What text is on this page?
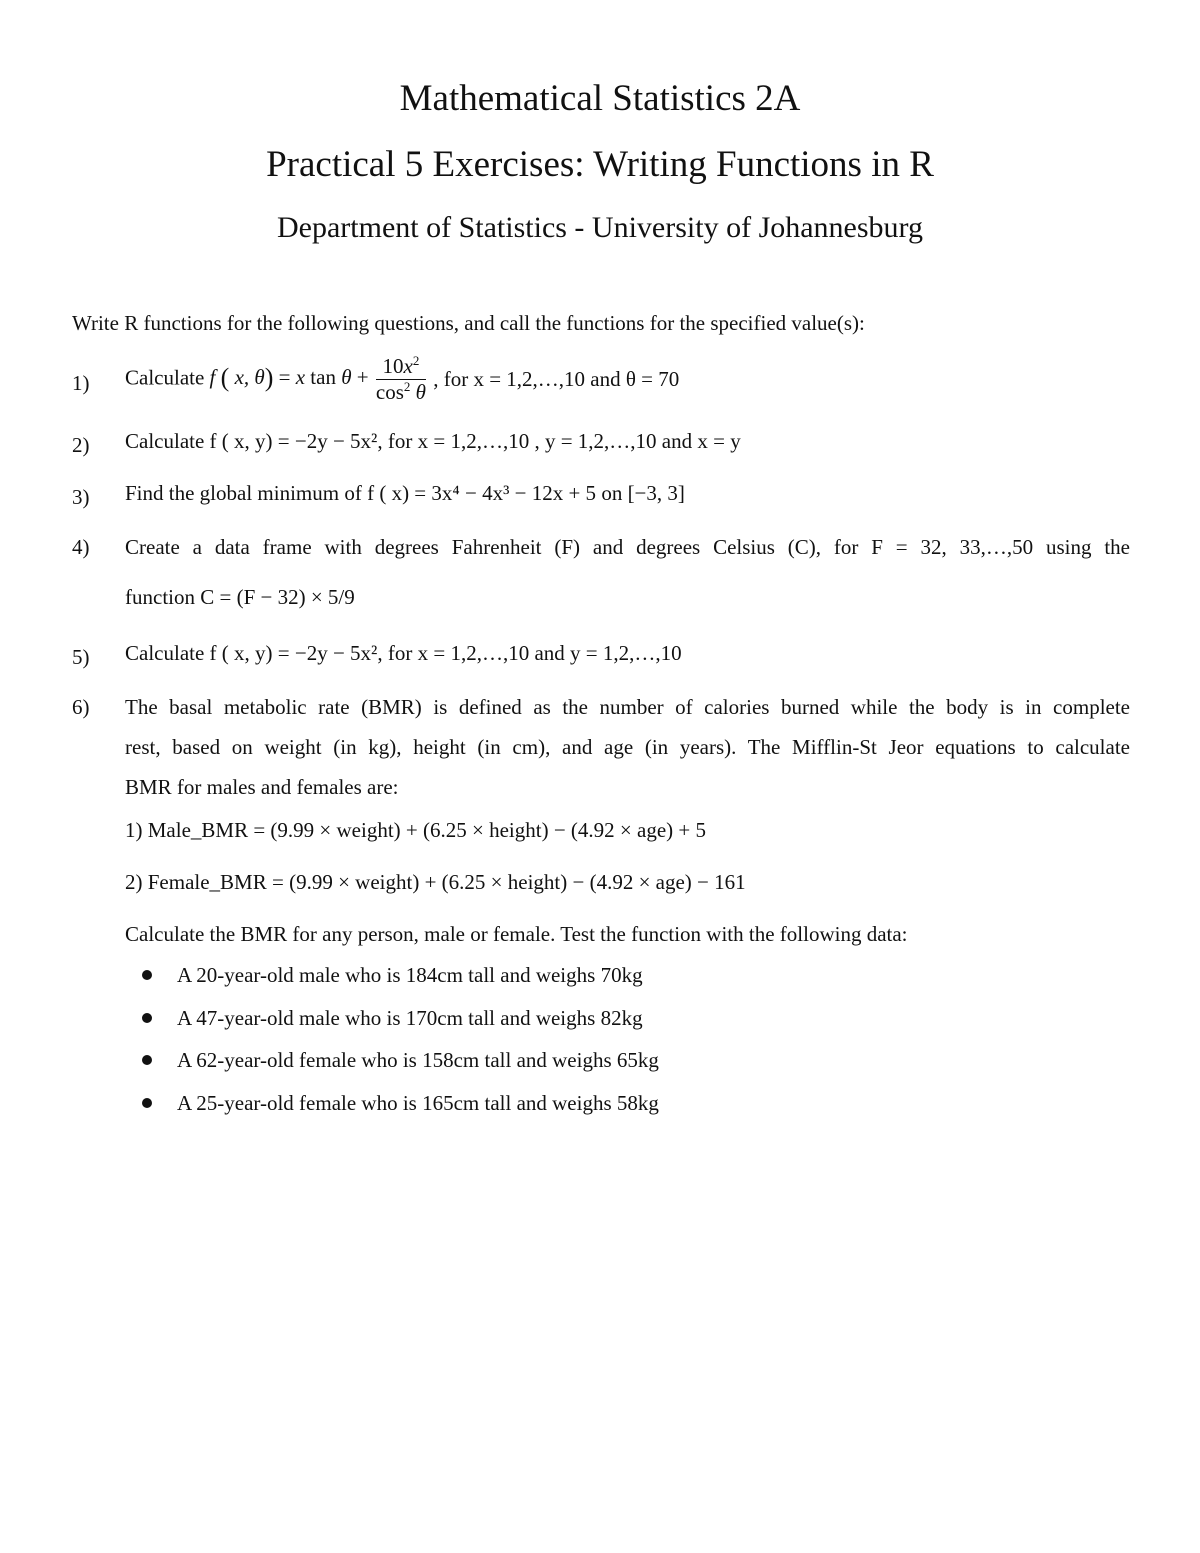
Mathematical Statistics 2A
Practical 5 Exercises: Writing Functions in R
Department of Statistics - University of Johannesburg
Write R functions for the following questions, and call the functions for the specified value(s):
1) Calculate f ( x, θ) = x $\tan \theta + \frac{10x^2}{\cos^2 \theta}$ , for x = 1,2,…,10 and θ = 70
2) Calculate f ( x, y) = −2y − 5x², for x = 1,2,…,10 , y = 1,2,…,10 and x = y
3) Find the global minimum of f ( x) = 3x⁴ − 4x³ − 12x + 5 on [−3, 3]
4) Create a data frame with degrees Fahrenheit (F) and degrees Celsius (C), for F = 32, 33,…,50 using the
function C = (F − 32) × 5/9
5) Calculate f ( x, y) = −2y − 5x², for x = 1,2,…,10 and y = 1,2,…,10
6) The basal metabolic rate (BMR) is defined as the number of calories burned while the body is in complete
rest, based on weight (in kg), height (in cm), and age (in years). The Mifflin-St Jeor equations to calculate
BMR for males and females are:
1) Male_BMR = (9.99 × weight) + (6.25 × height) − (4.92 × age) + 5
2) Female_BMR = (9.99 × weight) + (6.25 × height) − (4.92 × age) − 161
Calculate the BMR for any person, male or female. Test the function with the following data:
A 20-year-old male who is 184cm tall and weighs 70kg
A 47-year-old male who is 170cm tall and weighs 82kg
A 62-year-old female who is 158cm tall and weighs 65kg
A 25-year-old female who is 165cm tall and weighs 58kg
